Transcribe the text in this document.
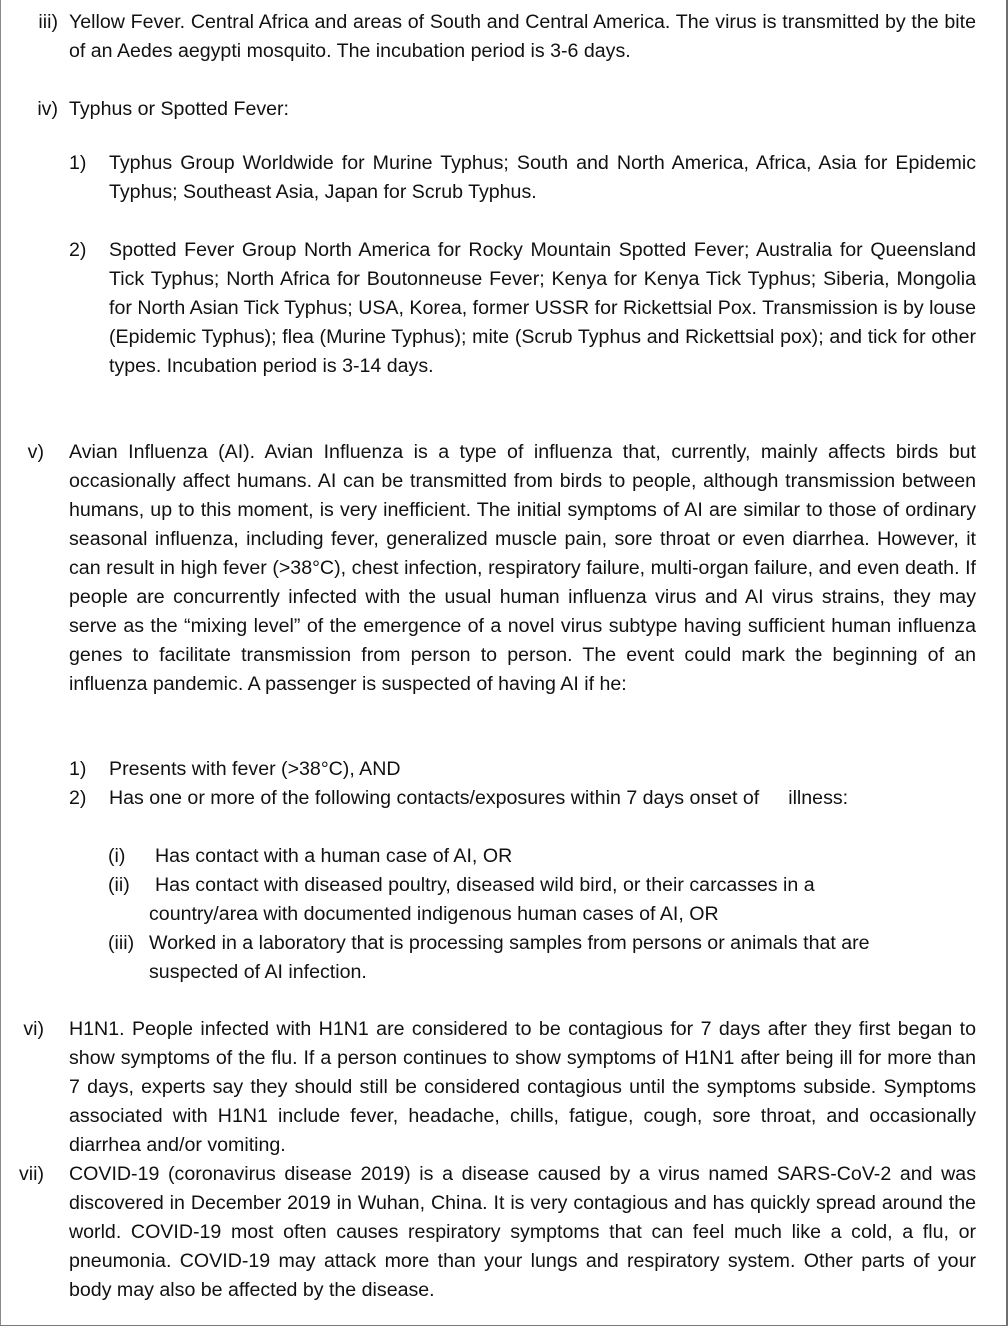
iii) Yellow Fever. Central Africa and areas of South and Central America. The virus is transmitted by the bite of an Aedes aegypti mosquito. The incubation period is 3-6 days.
iv) Typhus or Spotted Fever:
1)	Typhus Group Worldwide for Murine Typhus; South and North America, Africa, Asia for Epidemic Typhus; Southeast Asia, Japan for Scrub Typhus.
2)	Spotted Fever Group North America for Rocky Mountain Spotted Fever; Australia for Queensland Tick Typhus; North Africa for Boutonneuse Fever; Kenya for Kenya Tick Typhus; Siberia, Mongolia for North Asian Tick Typhus; USA, Korea, former USSR for Rickettsial Pox. Transmission is by louse (Epidemic Typhus); flea (Murine Typhus); mite (Scrub Typhus and Rickettsial pox); and tick for other types. Incubation period is 3-14 days.
v) Avian Influenza (AI). Avian Influenza is a type of influenza that, currently, mainly affects birds but occasionally affect humans. AI can be transmitted from birds to people, although transmission between humans, up to this moment, is very inefficient. The initial symptoms of AI are similar to those of ordinary seasonal influenza, including fever, generalized muscle pain, sore throat or even diarrhea. However, it can result in high fever (>38°C), chest infection, respiratory failure, multi-organ failure, and even death. If people are concurrently infected with the usual human influenza virus and AI virus strains, they may serve as the “mixing level” of the emergence of a novel virus subtype having sufficient human influenza genes to facilitate transmission from person to person. The event could mark the beginning of an influenza pandemic. A passenger is suspected of having AI if he:
1)	Presents with fever (>38°C), AND
2)	Has one or more of the following contacts/exposures within 7 days onset of illness:
(i)	Has contact with a human case of AI, OR
(ii)	Has contact with diseased poultry, diseased wild bird, or their carcasses in a
country/area with documented indigenous human cases of AI, OR
(iii) Worked in a laboratory that is processing samples from persons or animals that are
suspected of AI infection.
vi) H1N1. People infected with H1N1 are considered to be contagious for 7 days after they first began to show symptoms of the flu. If a person continues to show symptoms of H1N1 after being ill for more than 7 days, experts say they should still be considered contagious until the symptoms subside. Symptoms associated with H1N1 include fever, headache, chills, fatigue, cough, sore throat, and occasionally diarrhea and/or vomiting.
vii) COVID-19 (coronavirus disease 2019) is a disease caused by a virus named SARS-CoV-2 and was discovered in December 2019 in Wuhan, China. It is very contagious and has quickly spread around the world. COVID-19 most often causes respiratory symptoms that can feel much like a cold, a flu, or pneumonia. COVID-19 may attack more than your lungs and respiratory system. Other parts of your body may also be affected by the disease.
